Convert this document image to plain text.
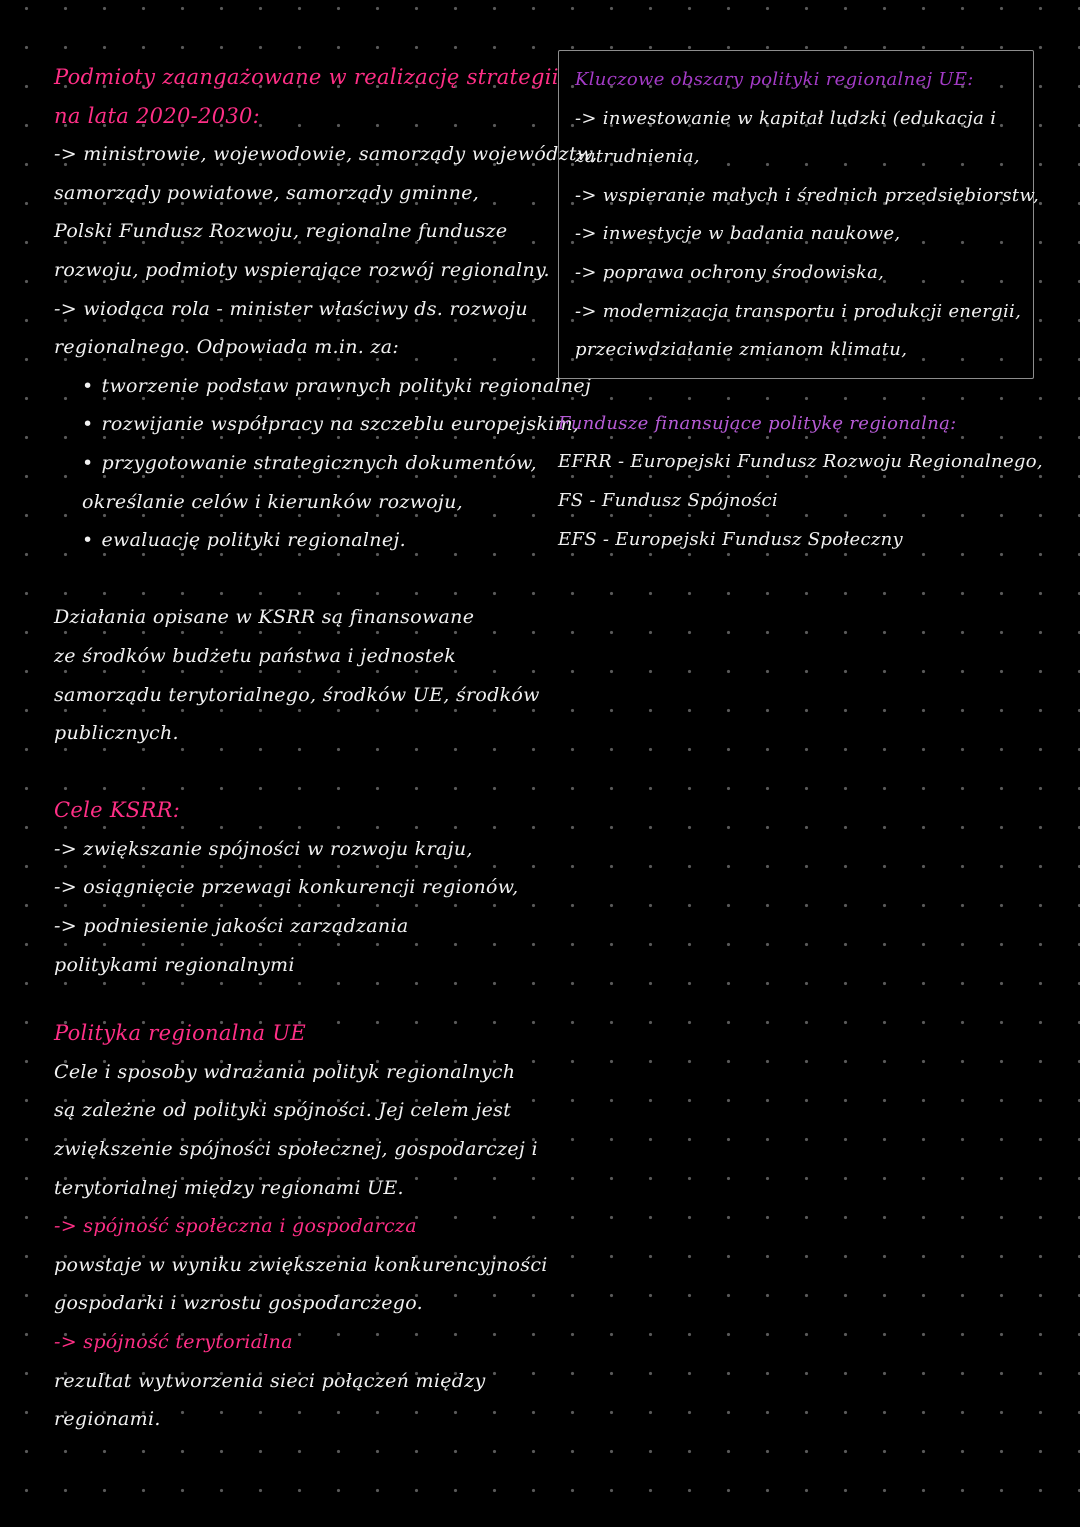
Podmioty zaangażowane w realizację strategii
na lata 2020-2030:
-> ministrowie, wojewodowie, samorządy województw,
samorządy powiatowe, samorządy gminne,
Polski Fundusz Rozwoju, regionalne fundusze
rozwoju, podmioty wspierające rozwój regionalny.
-> wiodąca rola - minister właściwy ds. rozwoju
regionalnego. Odpowiada m.in. za:
• tworzenie podstaw prawnych polityki regionalnej
• rozwijanie współpracy na szczeblu europejskim,
• przygotowanie strategicznych dokumentów,
określanie celów i kierunków rozwoju,
• ewaluację polityki regionalnej.
Działania opisane w KSRR są finansowane
ze środków budżetu państwa i jednostek
samorządu terytorialnego, środków UE, środków
publicznych.
Cele KSRR:
-> zwiększanie spójności w rozwoju kraju,
-> osiągnięcie przewagi konkurencji regionów,
-> podniesienie jakości zarządzania
politykami regionalnymi
Polityka regionalna UE
Cele i sposoby wdrażania polityk regionalnych
są zależne od polityki spójności. Jej celem jest
zwiększenie spójności społecznej, gospodarczej i
terytorialnej między regionami UE.
-> spójność społeczna i gospodarcza
powstaje w wyniku zwiększenia konkurencyjności
gospodarki i wzrostu gospodarczego.
-> spójność terytorialna
rezultat wytworzenia sieci połączeń między
regionami.
Kluczowe obszary polityki regionalnej UE:
-> inwestowanie w kapitał ludzki (edukacja i
zatrudnienia,
-> wspieranie małych i średnich przedsiębiorstw,
-> inwestycje w badania naukowe,
-> poprawa ochrony środowiska,
-> modernizacja transportu i produkcji energii,
przeciwdziałanie zmianom klimatu,
Fundusze finansujące politykę regionalną:
EFRR - Europejski Fundusz Rozwoju Regionalnego,
FS - Fundusz Spójności
EFS - Europejski Fundusz Społeczny
